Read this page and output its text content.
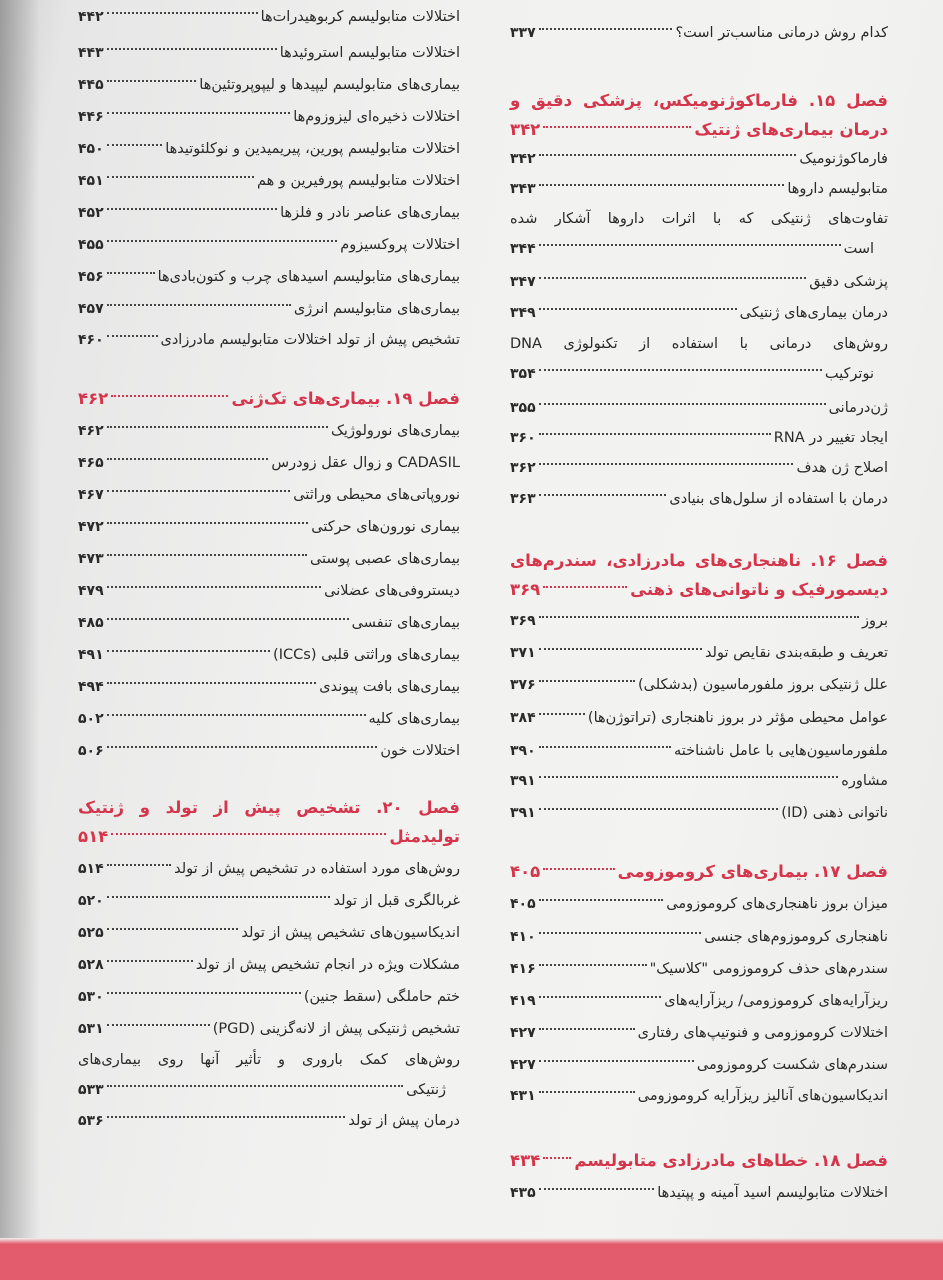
کدام روش درمانی مناسب‌تر است؟
۳۳۷
فصل ۱۵. فارماکوژنومیکس، پزشکی دقیق و
درمان بیماری‌های ژنتیک
۳۴۲
فارماکوژنومیک
۳۴۲
متابولیسم داروها
۳۴۳
تفاوت‌های ژنتیکی که با اثرات داروها آشکار شده
است
۳۴۴
پزشکی دقیق
۳۴۷
درمان بیماری‌های ژنتیکی
۳۴۹
روش‌های درمانی با استفاده از تکنولوژی DNA
نوترکیب
۳۵۴
ژن‌درمانی
۳۵۵
ایجاد تغییر در RNA
۳۶۰
اصلاح ژن هدف
۳۶۲
درمان با استفاده از سلول‌های بنیادی
۳۶۳
فصل ۱۶. ناهنجاری‌های مادرزادی، سندرم‌های
دیسمورفیک و ناتوانی‌های ذهنی
۳۶۹
بروز
۳۶۹
تعریف و طبقه‌بندی نقایص تولد
۳۷۱
علل ژنتیکی بروز ملفورماسیون (بدشکلی)
۳۷۶
عوامل محیطی مؤثر در بروز ناهنجاری (تراتوژن‌ها)
۳۸۴
ملفورماسیون‌هایی با عامل ناشناخته
۳۹۰
مشاوره
۳۹۱
ناتوانی ذهنی (ID)
۳۹۱
فصل ۱۷. بیماری‌های کروموزومی
۴۰۵
میزان بروز ناهنجاری‌های کروموزومی
۴۰۵
ناهنجاری کروموزوم‌های جنسی
۴۱۰
سندرم‌های حذف کروموزومی "کلاسیک"
۴۱۶
ریزآرایه‌های کروموزومی/ ریزآرایه‌های
۴۱۹
اختلالات کروموزومی و فنوتیپ‌های رفتاری
۴۲۷
سندرم‌های شکست کروموزومی
۴۲۷
اندیکاسیون‌های آنالیز ریزآرایه کروموزومی
۴۳۱
فصل ۱۸. خطاهای مادرزادی متابولیسم
۴۳۴
اختلالات متابولیسم اسید آمینه و پپتیدها
۴۳۵
اختلالات متابولیسم کربوهیدرات‌ها
۴۴۲
اختلالات متابولیسم استروئیدها
۴۴۳
بیماری‌های متابولیسم لیپیدها و لیپوپروتئین‌ها
۴۴۵
اختلالات ذخیره‌ای لیزوزوم‌ها
۴۴۶
اختلالات متابولیسم پورین، پیریمیدین و نوکلئوتیدها
۴۵۰
اختلالات متابولیسم پورفیرین و هم
۴۵۱
بیماری‌های عناصر نادر و فلزها
۴۵۲
اختلالات پروکسیزوم
۴۵۵
بیماری‌های متابولیسم اسیدهای چرب و کتون‌بادی‌ها
۴۵۶
بیماری‌های متابولیسم انرژی
۴۵۷
تشخیص پیش از تولد اختلالات متابولیسم مادرزادی
۴۶۰
فصل ۱۹. بیماری‌های تک‌ژنی
۴۶۲
بیماری‌های نورولوژیک
۴۶۲
CADASIL و زوال عقل زودرس
۴۶۵
نوروپاتی‌های محیطی وراثتی
۴۶۷
بیماری نورون‌های حرکتی
۴۷۲
بیماری‌های عصبی پوستی
۴۷۳
دیستروفی‌های عضلانی
۴۷۹
بیماری‌های تنفسی
۴۸۵
بیماری‌های وراثتی قلبی (ICCs)
۴۹۱
بیماری‌های بافت پیوندی
۴۹۴
بیماری‌های کلیه
۵۰۲
اختلالات خون
۵۰۶
فصل ۲۰. تشخیص پیش از تولد و ژنتیک
تولیدمثل
۵۱۴
روش‌های مورد استفاده در تشخیص پیش از تولد
۵۱۴
غربالگری قبل از تولد
۵۲۰
اندیکاسیون‌های تشخیص پیش از تولد
۵۲۵
مشکلات ویژه در انجام تشخیص پیش از تولد
۵۲۸
ختم حاملگی (سقط جنین)
۵۳۰
تشخیص ژنتیکی پیش از لانه‌گزینی (PGD)
۵۳۱
روش‌های کمک باروری و تأثیر آنها روی بیماری‌های
ژنتیکی
۵۳۳
درمان پیش از تولد
۵۳۶
